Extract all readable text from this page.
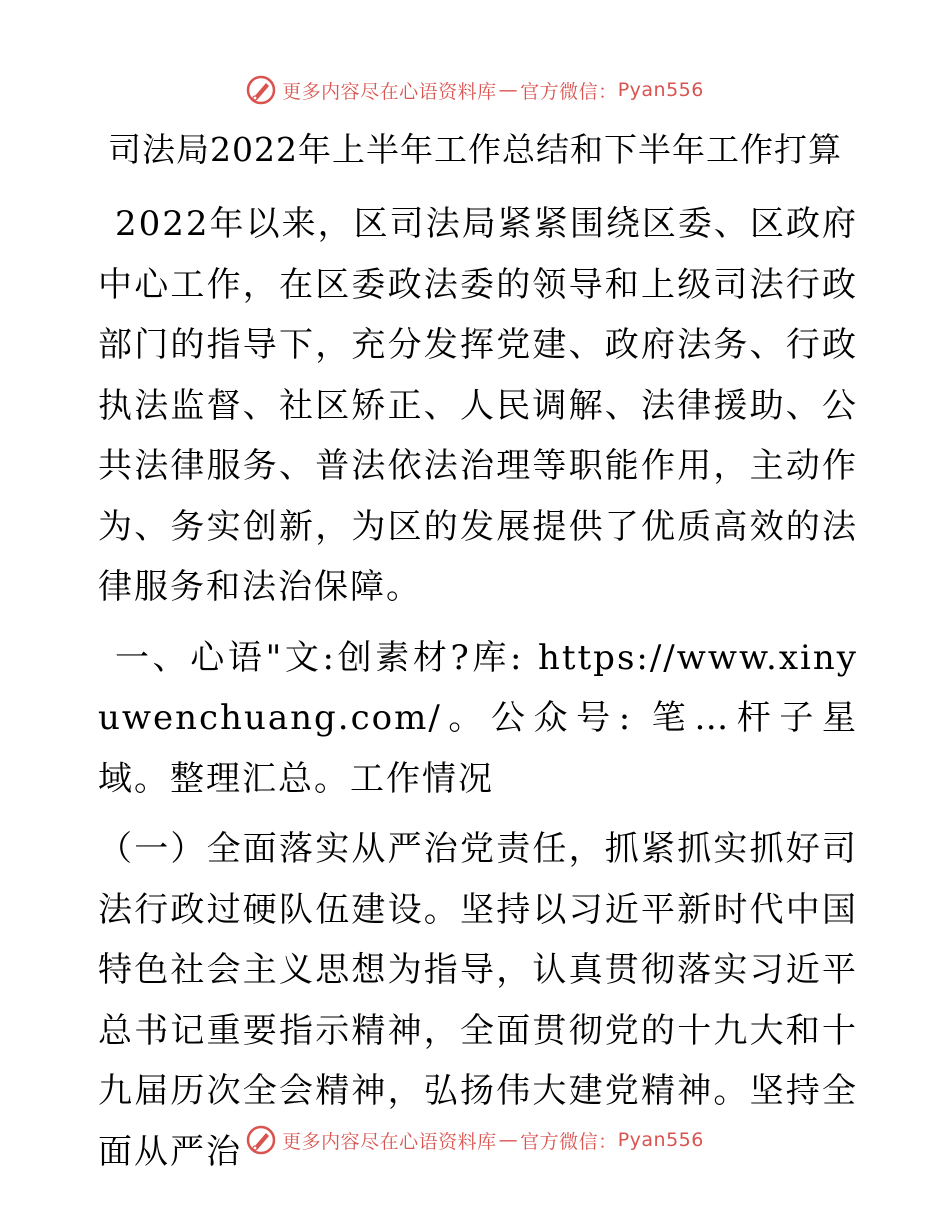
更多内容尽在心语资料库 — 官方微信： Pyan556
司法局2022年上半年工作总结和下半年工作打算

2022年以来，区司法局紧紧围绕区委、区政府中心工作，在区委政法委的领导和上级司法行政部门的指导下，充分发挥党建、政府法务、行政执法监督、社区矫正、人民调解、法律援助、公共法律服务、普法依法治理等职能作用，主动作为、务实创新，为区的发展提供了优质高效的法律服务和法治保障。

一、心语"文:创素材?库: https://www.xinyuwenchuang.com/。公众号: 笔…杆子星域。整理汇总。工作情况

（一）全面落实从严治党责任，抓紧抓实抓好司法行政过硬队伍建设。坚持以习近平新时代中国特色社会主义思想为指导，认真贯彻落实习近平总书记重要指示精神，全面贯彻党的十九大和十九届历次全会精神，弘扬伟大建党精神。坚持全面从严治	更多内容尽在心语资料库 — 官方微信： Pyan556
